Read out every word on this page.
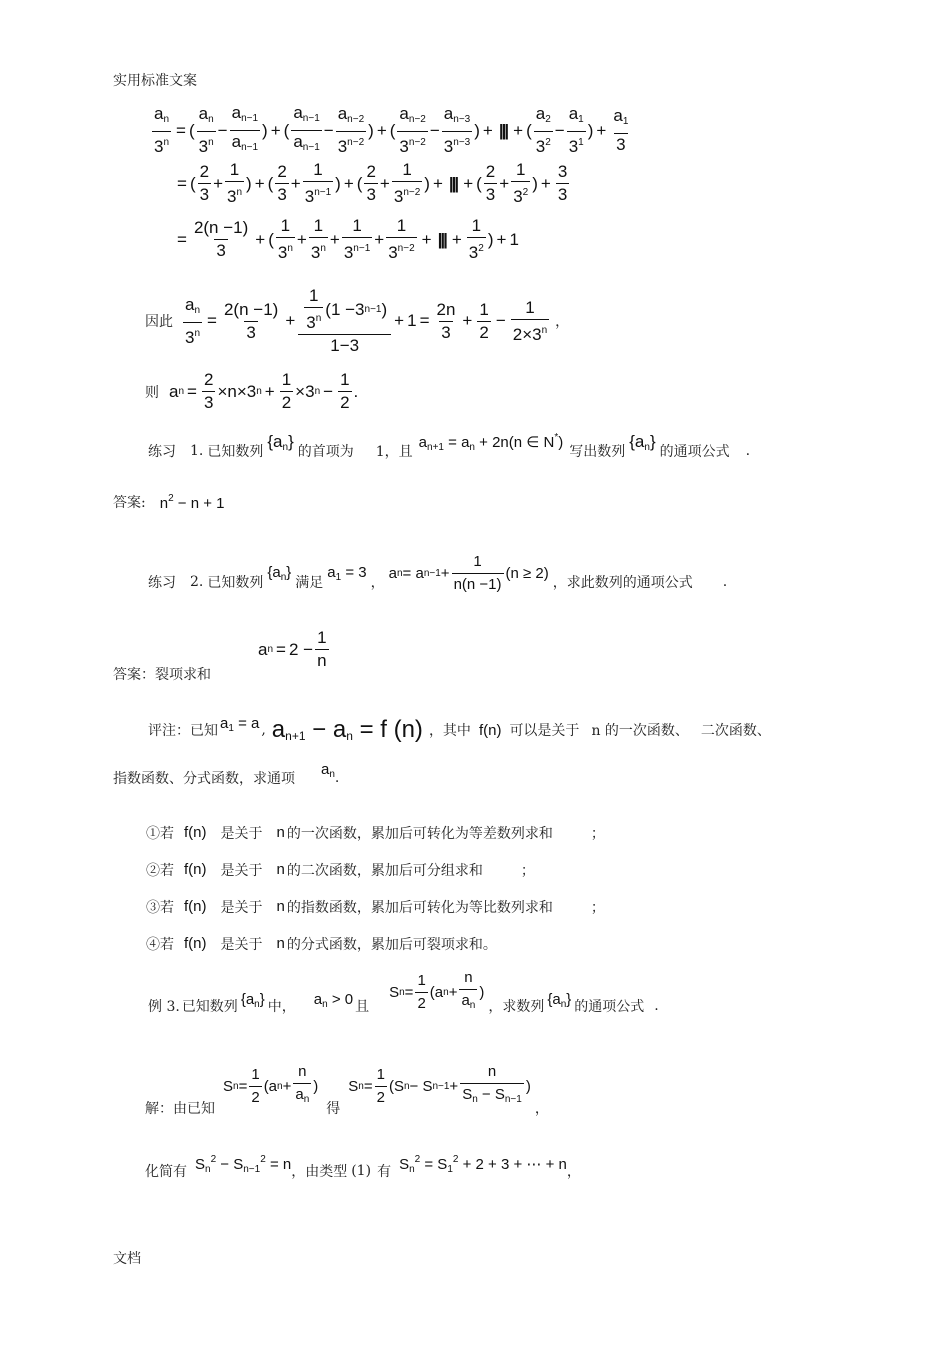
实用标准文案
$\frac{a_n}{3^n}$ = ( $\frac{a_n}{3^n} - \frac{a_{n-1}}{a_{n-1}}$ ) + ( $\frac{a_{n-1}}{a_{n-1}} - \frac{a_{n-2}}{3^{n-2}}$ ) + ( $\frac{a_{n-2}}{3^{n-2}} - \frac{a_{n-3}}{3^{n-3}}$ ) + ||| + ( $\frac{a_2}{3^2} - \frac{a_1}{3^1}$ ) + $\frac{a_1}{3}$
= ( $\frac{2}{3} + \frac{1}{3^n}$ ) + ( $\frac{2}{3} + \frac{1}{3^{n-1}}$ ) + ( $\frac{2}{3} + \frac{1}{3^{n-2}}$ ) + ||| + ( $\frac{2}{3} + \frac{1}{3^2}$ ) + $\frac{3}{3}$
= $\frac{2(n -1)}{3}$ + ( $\frac{1}{3^n} + \frac{1}{3^n} + \frac{1}{3^{n-1}} + \frac{1}{3^{n-2}}$ + ||| + $\frac{1}{3^2}$ ) + 1
因此 $\frac{a_n}{3^n} = \frac{2(n -1)}{3} + \frac{\frac{1}{3^n} (1 -3 n-1 )}{1-3} + 1 = \frac{2n}{3} + \frac{1}{2} - \frac{1}{2\times 3^n}$ ，
则 a $n = \frac{2}{3} \times n\times 3$ $n + \frac{1}{2} \times 3$ $n - \frac{1}{2}$ .
练习 1. 已知数列
$\{a_n\}$
的首项为 1，且
$a_{n+1} = a_n + 2n(n$ ∈ N*)
写出数列
$\{a_n\}$
的通项公式 .
答案: $n^2 - n + 1$
练习 2. 已知数列
$\{a_n\}$
满足
$a_1 = 3$
，
a n = a $n-1 + \frac{1}{n(n -1)} (n \ge 2)$
，求此数列的通项公式 .
答案：裂项求和
a $n = 2 - \frac{1}{n}$
评注：已知 $a_1 = a$ , $a_{n+1} - a_n = f$ (n) ，其中 f(n) 可以是关于 n 的一次函数、 二次函数、
指数函数、分式函数，求通项
$a_n$ .
①若 f(n) 是关于 n 的一次函数，累加后可转化为等差数列求和	；
②若 f(n) 是关于 n 的二次函数，累加后可分组求和	；
③若 f(n) 是关于 n 的指数函数，累加后可转化为等比数列求和	；
④若 f(n) 是关于 n 的分式函数，累加后可裂项求和。
例 3. 已知数列 $\{a_n\}$ 中， $a_n > 0$ 且
S $n = \frac{1}{2} (a$ $n + \frac{n}{a_n}$ )
，求数列 $\{a_n\}$ 的通项公式 .
解：由已知
S $n = \frac{1}{2} (a$ $n + \frac{n}{a_n}$ )
得
S $n = \frac{1}{2} (S$ n − S $n-1 + \frac{n}{S_n - S_{n-1}}$ )
，
化简有 $S_n^2 - S_{n-1}^2 = n$ ，由类型 (1) 有 $S_n^2 = S_1^2 + 2 + 3$ + ⋯ + n ，
文档
